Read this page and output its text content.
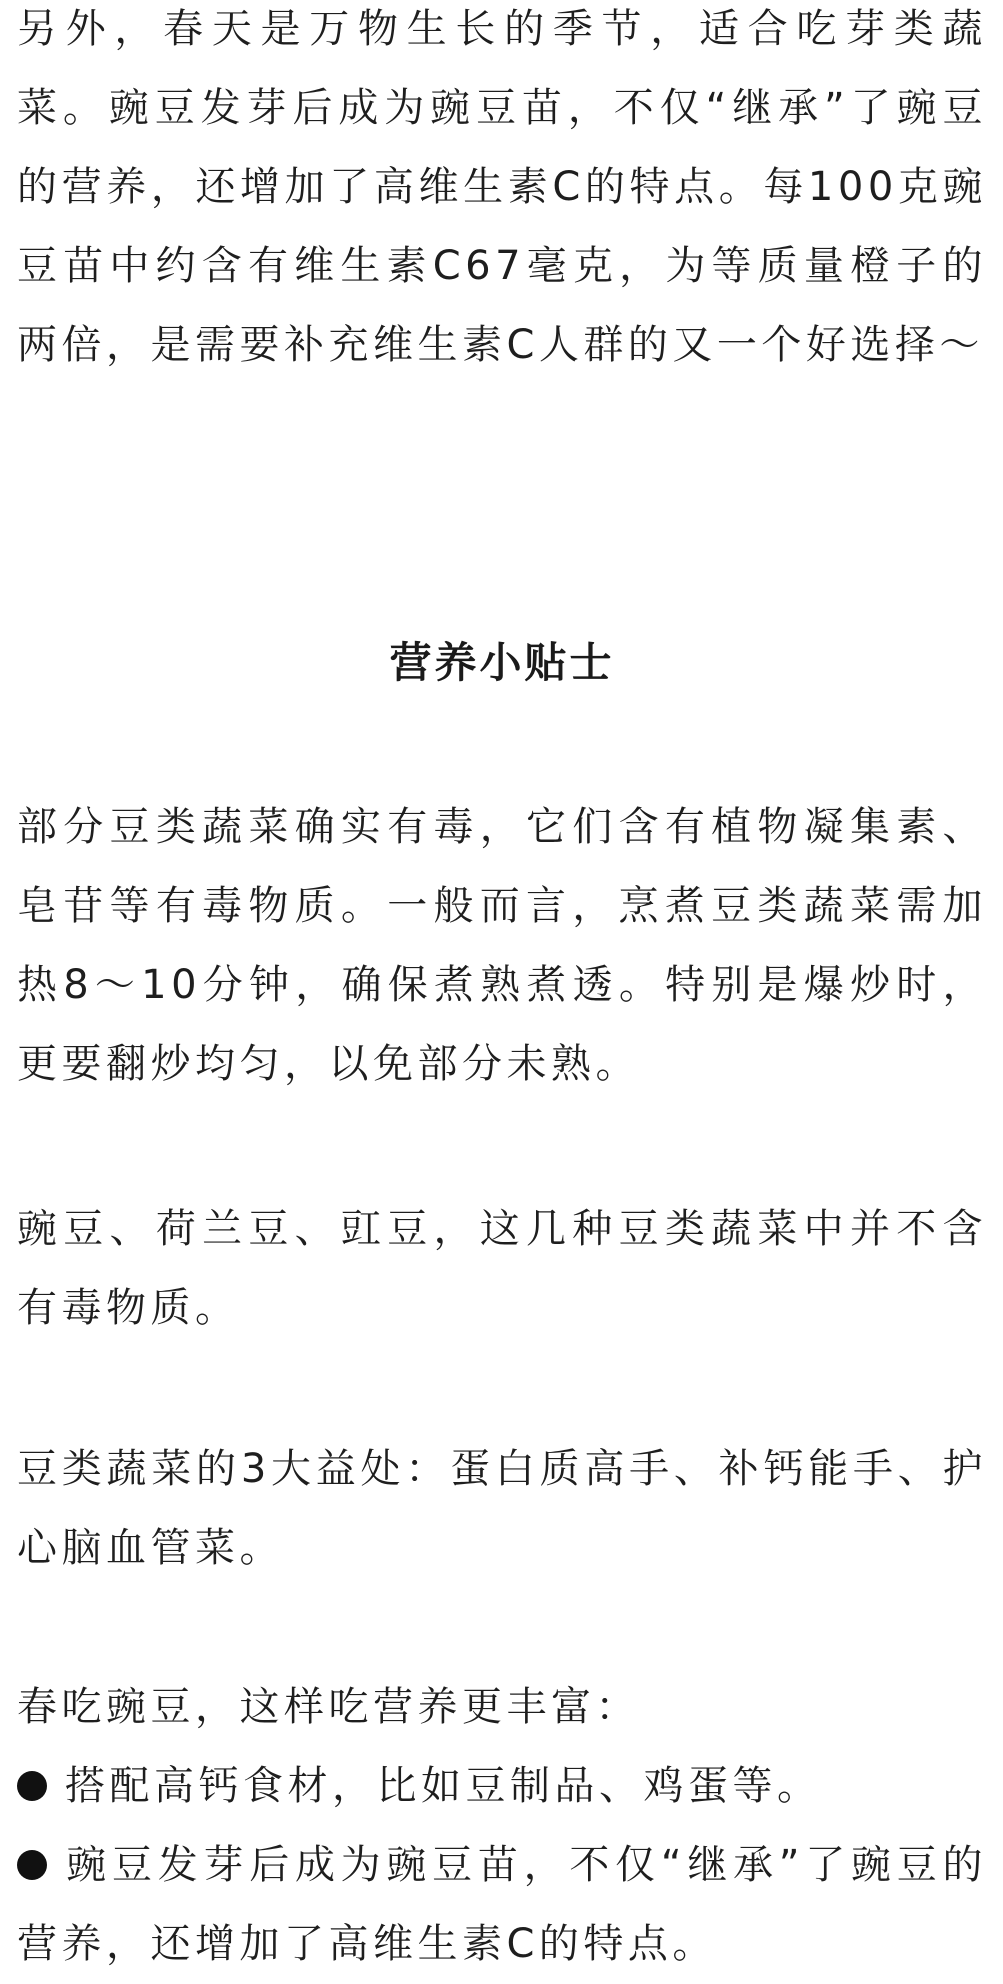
另外，春天是万物生长的季节，适合吃芽类蔬菜。豌豆发芽后成为豌豆苗，不仅“继承”了豌豆的营养，还增加了高维生素C的特点。每100克豌豆苗中约含有维生素C67毫克，为等质量橙子的两倍，是需要补充维生素C人群的又一个好选择～

营养小贴士

部分豆类蔬菜确实有毒，它们含有植物凝集素、皂苷等有毒物质。一般而言，烹煮豆类蔬菜需加热8～10分钟，确保煮熟煮透。特别是爆炒时，更要翻炒均匀，以免部分未熟。

豌豆、荷兰豆、豇豆，这几种豆类蔬菜中并不含有毒物质。

豆类蔬菜的3大益处：蛋白质高手、补钙能手、护心脑血管菜。

春吃豌豆，这样吃营养更丰富：

搭配高钙食材，比如豆制品、鸡蛋等。
豌豆发芽后成为豌豆苗，不仅“继承”了豌豆的营养，还增加了高维生素C的特点。
